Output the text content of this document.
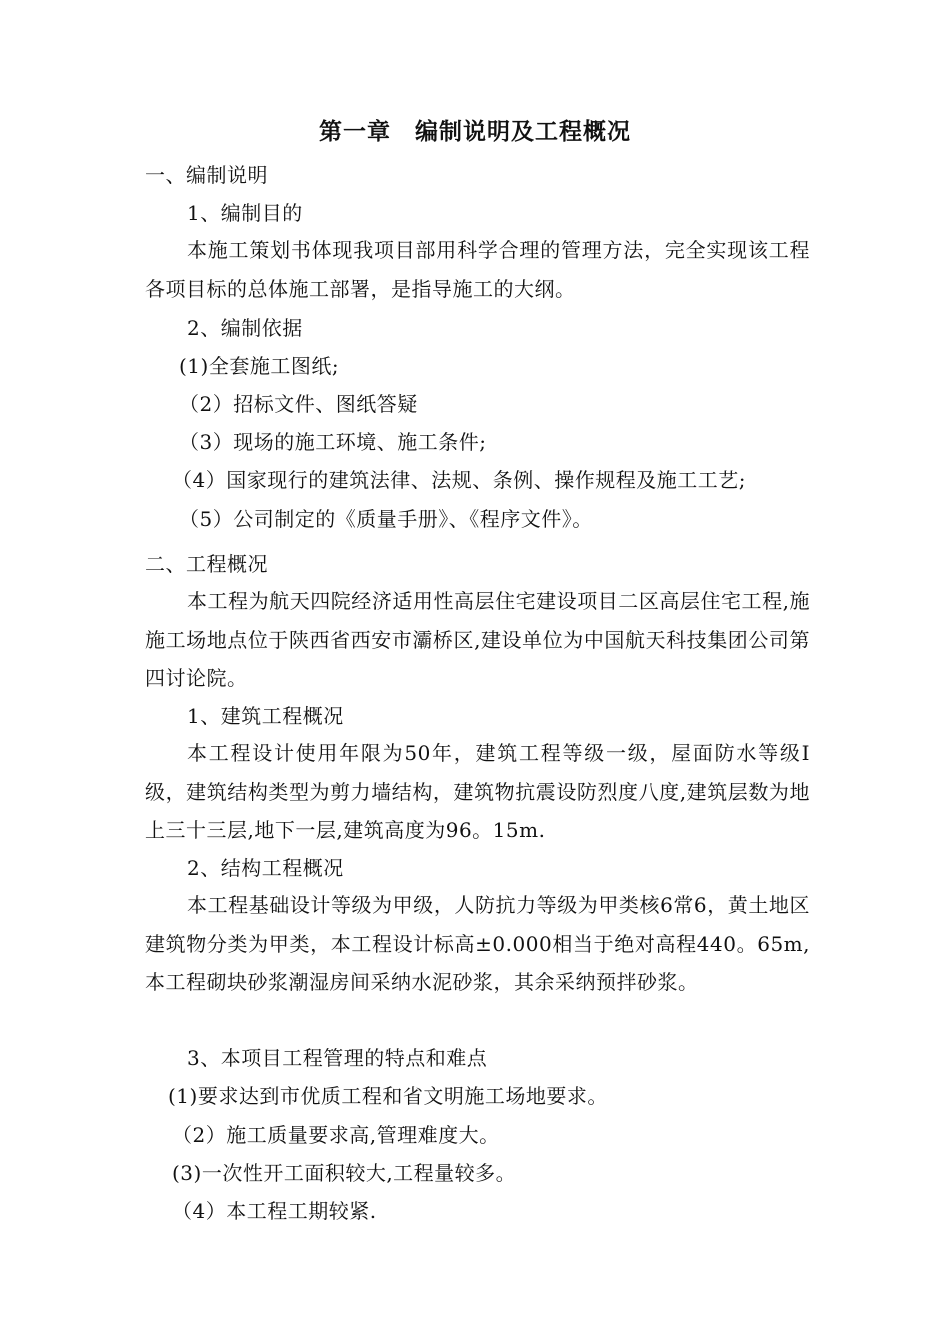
第一章　编制说明及工程概况
一、编制说明
1、编制目的
本施工策划书体现我项目部用科学合理的管理方法，完全实现该工程各项目标的总体施工部署，是指导施工的大纲。
2、编制依据
(1)全套施工图纸;
（2）招标文件、图纸答疑
（3）现场的施工环境、施工条件;
（4）国家现行的建筑法律、法规、条例、操作规程及施工工艺;
（5）公司制定的《质量手册》、《程序文件》。
二、工程概况
本工程为航天四院经济适用性高层住宅建设项目二区高层住宅工程,施施工场地点位于陕西省西安市灞桥区,建设单位为中国航天科技集团公司第四讨论院。
1、建筑工程概况
本工程设计使用年限为50年，建筑工程等级一级，屋面防水等级Ⅰ级，建筑结构类型为剪力墙结构，建筑物抗震设防烈度八度,建筑层数为地上三十三层,地下一层,建筑高度为96。15m.
2、结构工程概况
本工程基础设计等级为甲级，人防抗力等级为甲类核6常6，黄土地区建筑物分类为甲类，本工程设计标高±0.000相当于绝对高程440。65m,本工程砌块砂浆潮湿房间采纳水泥砂浆，其余采纳预拌砂浆。
3、本项目工程管理的特点和难点
(1)要求达到市优质工程和省文明施工场地要求。
（2）施工质量要求高,管理难度大。
(3)一次性开工面积较大,工程量较多。
（4）本工程工期较紧.
